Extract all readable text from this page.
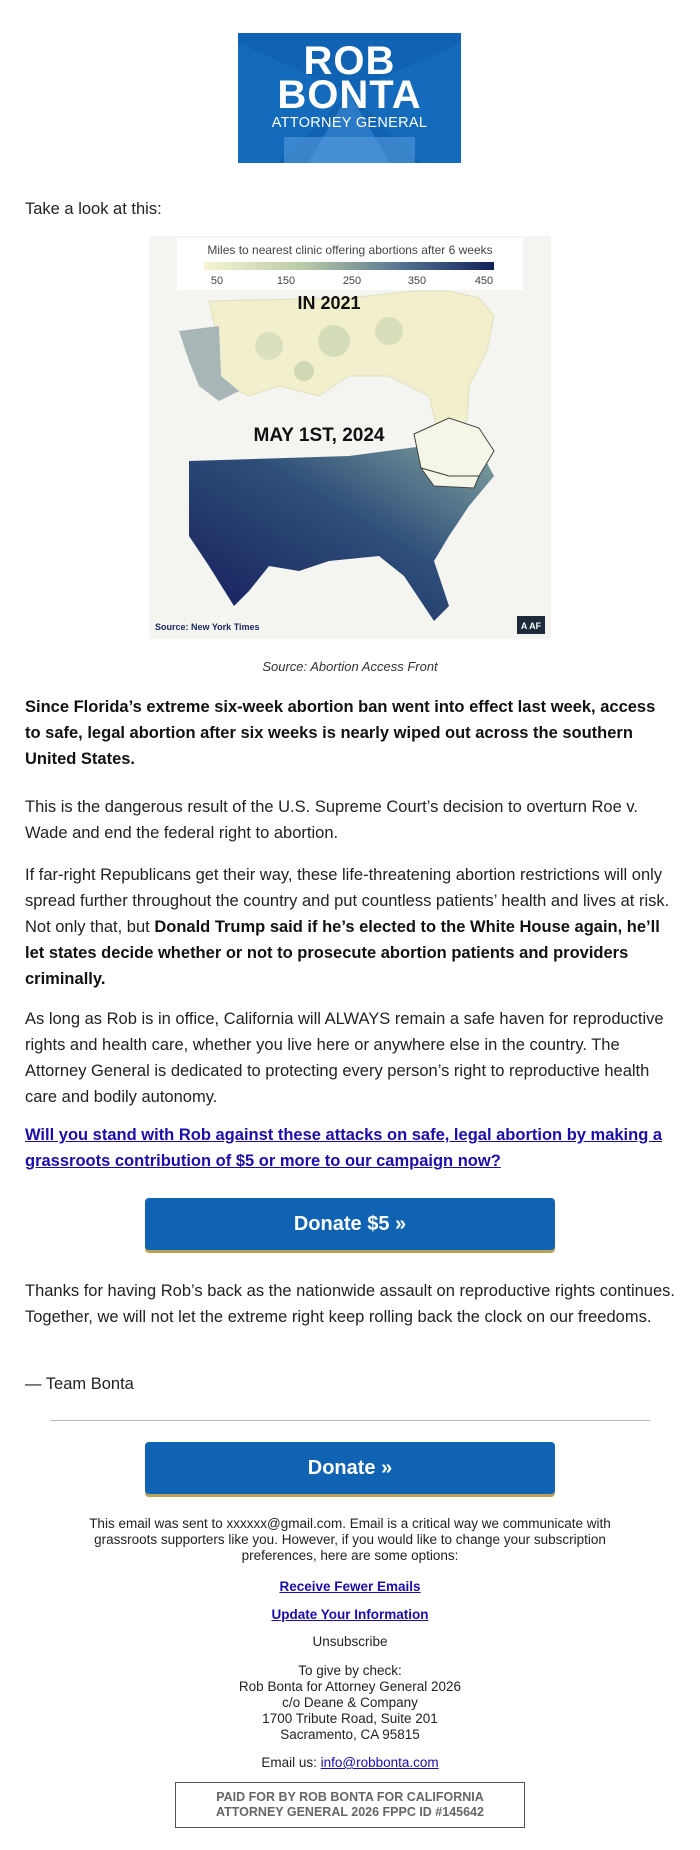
ROB
BONTA
ATTORNEY GENERAL

Take a look at this:

Miles to nearest clinic offering abortions after 6 weeks
50	150	250	350	450
IN 2021
MAY 1ST, 2024
Source: New York Times	A AF
Source: Abortion Access Front

Since Florida’s extreme six-week abortion ban went into effect last week, access to safe, legal abortion after six weeks is nearly wiped out across the southern United States.

This is the dangerous result of the U.S. Supreme Court’s decision to overturn Roe v. Wade and end the federal right to abortion.

If far-right Republicans get their way, these life-threatening abortion restrictions will only spread further throughout the country and put countless patients’ health and lives at risk. Not only that, but Donald Trump said if he’s elected to the White House again, he’ll let states decide whether or not to prosecute abortion patients and providers criminally.

As long as Rob is in office, California will ALWAYS remain a safe haven for reproductive rights and health care, whether you live here or anywhere else in the country. The Attorney General is dedicated to protecting every person’s right to reproductive health care and bodily autonomy.

Will you stand with Rob against these attacks on safe, legal abortion by making a grassroots contribution of $5 or more to our campaign now?

Donate $5 »

Thanks for having Rob’s back as the nationwide assault on reproductive rights continues. Together, we will not let the extreme right keep rolling back the clock on our freedoms.

— Team Bonta

Donate »
This email was sent to xxxxxx@gmail.com. Email is a critical way we communicate with grassroots supporters like you. However, if you would like to change your subscription preferences, here are some options:
Receive Fewer Emails
Update Your Information
Unsubscribe
To give by check:
Rob Bonta for Attorney General 2026
c/o Deane & Company
1700 Tribute Road, Suite 201
Sacramento, CA 95815
Email us: info@robbonta.com
PAID FOR BY ROB BONTA FOR CALIFORNIA
ATTORNEY GENERAL 2026 FPPC ID #145642
